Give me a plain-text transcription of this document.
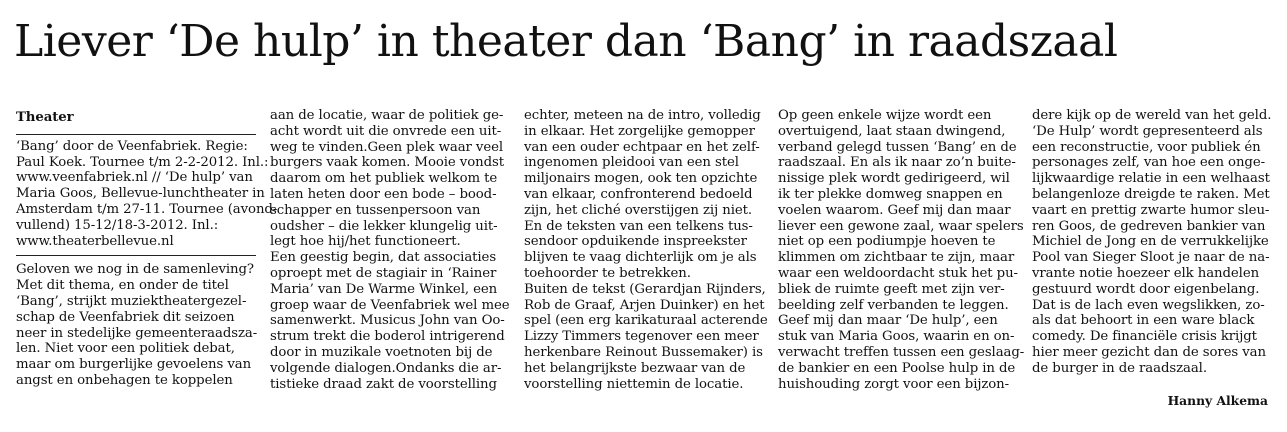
Liever ‘De hulp’ in theater dan ‘Bang’ in raadszaal
Theater
‘Bang’ door de Veenfabriek. Regie:
Paul Koek. Tournee t/m 2-2-2012. Inl.:
www.veenfabriek.nl // ‘De hulp’ van
Maria Goos, Bellevue-lunchtheater in
Amsterdam t/m 27-11. Tournee (avond-
vullend) 15-12/18-3-2012. Inl.:
www.theaterbellevue.nl
Geloven we nog in de samenleving?
Met dit thema, en onder de titel
‘Bang’, strijkt muziektheatergezel-
schap de Veenfabriek dit seizoen
neer in stedelijke gemeenteraadsza-
len. Niet voor een politiek debat,
maar om burgerlijke gevoelens van
angst en onbehagen te koppelen
aan de locatie, waar de politiek ge-
acht wordt uit die onvrede een uit-
weg te vinden.Geen plek waar veel
burgers vaak komen. Mooie vondst
daarom om het publiek welkom te
laten heten door een bode – bood-
schapper en tussenpersoon van
oudsher – die lekker klungelig uit-
legt hoe hij/het functioneert.
Een geestig begin, dat associaties
oproept met de stagiair in ‘Rainer
Maria’ van De Warme Winkel, een
groep waar de Veenfabriek wel mee
samenwerkt. Musicus John van Oo-
strum trekt die boderol intrigerend
door in muzikale voetnoten bij de
volgende dialogen.Ondanks die ar-
tistieke draad zakt de voorstelling
echter, meteen na de intro, volledig
in elkaar. Het zorgelijke gemopper
van een ouder echtpaar en het zelf-
ingenomen pleidooi van een stel
miljonairs mogen, ook ten opzichte
van elkaar, confronterend bedoeld
zijn, het cliché overstijgen zij niet.
En de teksten van een telkens tus-
sendoor opduikende inspreekster
blijven te vaag dichterlijk om je als
toehoorder te betrekken.
Buiten de tekst (Gerardjan Rijnders,
Rob de Graaf, Arjen Duinker) en het
spel (een erg karikaturaal acterende
Lizzy Timmers tegenover een meer
herkenbare Reinout Bussemaker) is
het belangrijkste bezwaar van de
voorstelling niettemin de locatie.
Op geen enkele wijze wordt een
overtuigend, laat staan dwingend,
verband gelegd tussen ‘Bang’ en de
raadszaal. En als ik naar zo’n buite-
nissige plek wordt gedirigeerd, wil
ik ter plekke domweg snappen en
voelen waarom. Geef mij dan maar
liever een gewone zaal, waar spelers
niet op een podiumpje hoeven te
klimmen om zichtbaar te zijn, maar
waar een weldoordacht stuk het pu-
bliek de ruimte geeft met zijn ver-
beelding zelf verbanden te leggen.
Geef mij dan maar ‘De hulp’, een
stuk van Maria Goos, waarin en on-
verwacht treffen tussen een geslaag-
de bankier en een Poolse hulp in de
huishouding zorgt voor een bijzon-
dere kijk op de wereld van het geld.
‘De Hulp’ wordt gepresenteerd als
een reconstructie, voor publiek én
personages zelf, van hoe een onge-
lijkwaardige relatie in een welhaast
belangenloze dreigde te raken. Met
vaart en prettig zwarte humor sleu-
ren Goos, de gedreven bankier van
Michiel de Jong en de verrukkelijke
Pool van Sieger Sloot je naar de na-
vrante notie hoezeer elk handelen
gestuurd wordt door eigenbelang.
Dat is de lach even wegslikken, zo-
als dat behoort in een ware black
comedy. De financiële crisis krijgt
hier meer gezicht dan de sores van
de burger in de raadszaal.
Hanny Alkema
